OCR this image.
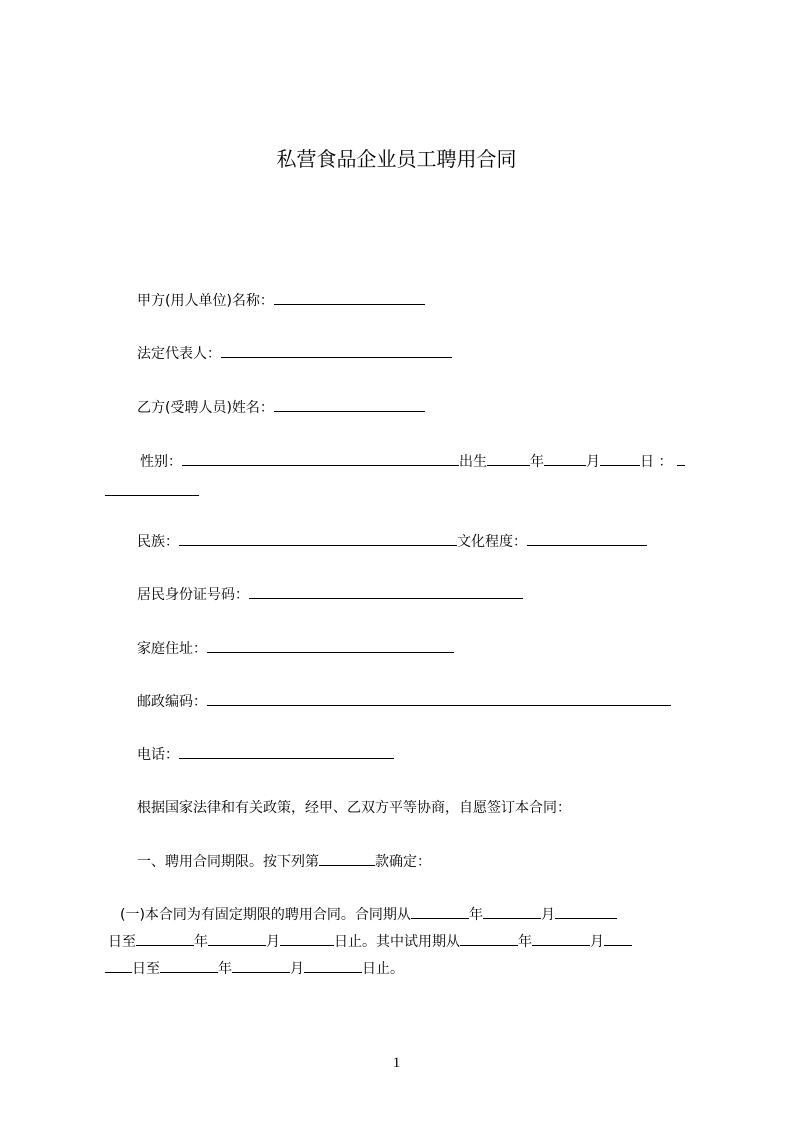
私营食品企业员工聘用合同
甲方(用人单位)名称：
法定代表人：
乙方(受聘人员)姓名：
性别：	出生	年	月	日 ：
民族：	文化程度：
居民身份证号码：
家庭住址：
邮政编码：
电话：
根据国家法律和有关政策，经甲、乙双方平等协商，自愿签订本合同：
一、聘用合同期限。按下列第	款确定：
(一)本合同为有固定期限的聘用合同。合同期从	年	月
日至	年	月	日止。其中试用期从	年	月
日至	年	月	日止。
1
